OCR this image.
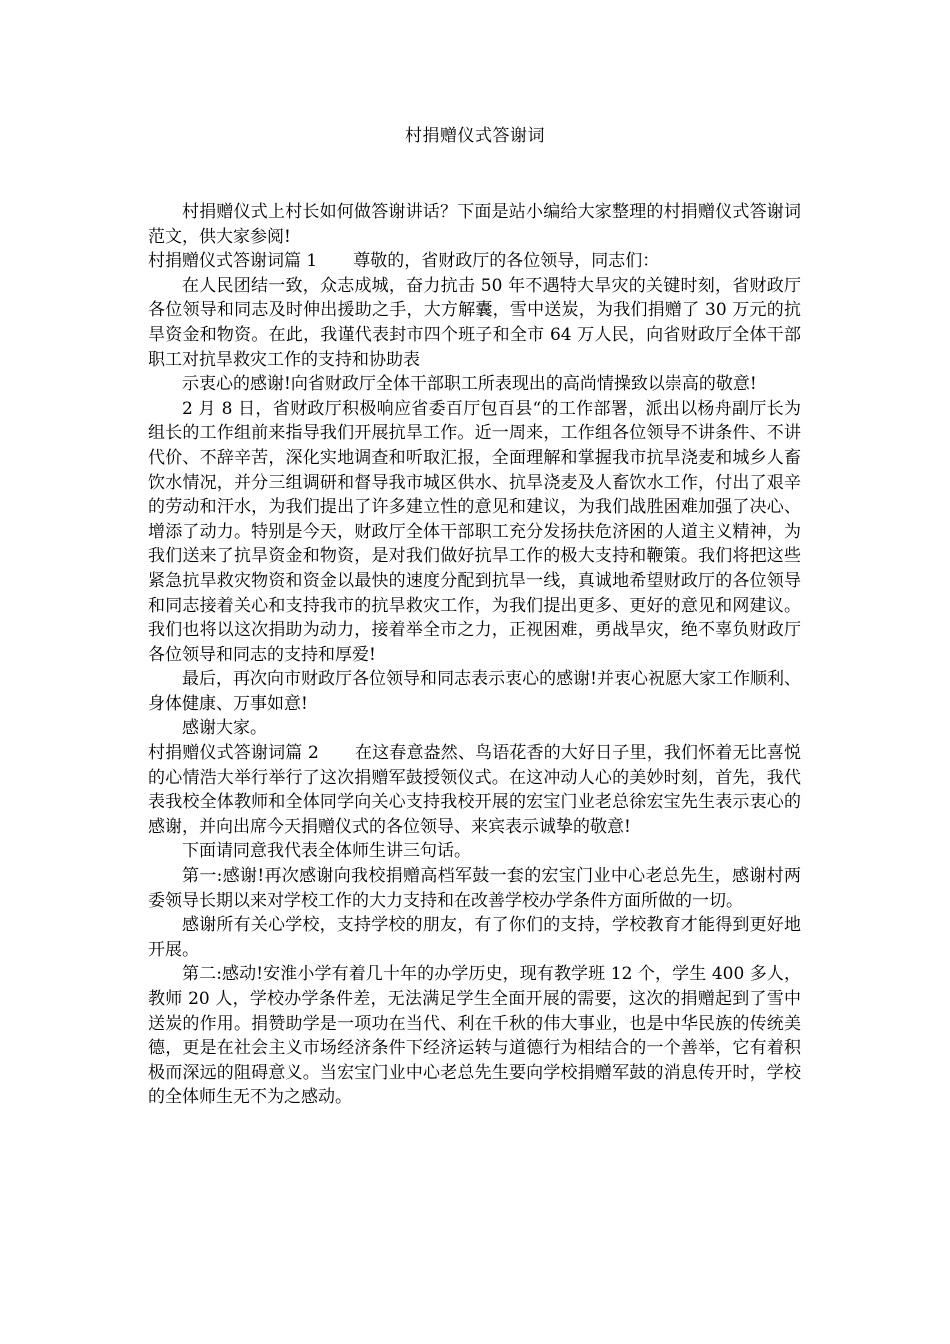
村捐赠仪式答谢词

村捐赠仪式上村长如何做答谢讲话？下面是站小编给大家整理的村捐赠仪式答谢词范文，供大家参阅!

村捐赠仪式答谢词篇 1 尊敬的，省财政厅的各位领导，同志们：

在人民团结一致，众志成城，奋力抗击 50 年不遇特大旱灾的关键时刻，省财政厅各位领导和同志及时伸出援助之手，大方解囊，雪中送炭，为我们捐赠了 30 万元的抗旱资金和物资。在此，我谨代表封市四个班子和全市 64 万人民，向省财政厅全体干部职工对抗旱救灾工作的支持和协助表

示衷心的感谢!向省财政厅全体干部职工所表现出的高尚情操致以崇高的敬意!

2 月 8 日，省财政厅积极响应省委百厅包百县“的工作部署，派出以杨舟副厅长为组长的工作组前来指导我们开展抗旱工作。近一周来，工作组各位领导不讲条件、不讲代价、不辞辛苦，深化实地调查和听取汇报，全面理解和掌握我市抗旱浇麦和城乡人畜饮水情况，并分三组调研和督导我市城区供水、抗旱浇麦及人畜饮水工作，付出了艰辛的劳动和汗水，为我们提出了许多建立性的意见和建议，为我们战胜困难加强了决心、增添了动力。特别是今天，财政厅全体干部职工充分发扬扶危济困的人道主义精神，为我们送来了抗旱资金和物资，是对我们做好抗旱工作的极大支持和鞭策。我们将把这些紧急抗旱救灾物资和资金以最快的速度分配到抗旱一线，真诚地希望财政厅的各位领导和同志接着关心和支持我市的抗旱救灾工作，为我们提出更多、更好的意见和网建议。我们也将以这次捐助为动力，接着举全市之力，正视困难，勇战旱灾，绝不辜负财政厅各位领导和同志的支持和厚爱!

最后，再次向市财政厅各位领导和同志表示衷心的感谢!并衷心祝愿大家工作顺利、身体健康、万事如意!

感谢大家。

村捐赠仪式答谢词篇 2 在这春意盎然、鸟语花香的大好日子里，我们怀着无比喜悦的心情浩大举行举行了这次捐赠军鼓授领仪式。在这冲动人心的美妙时刻，首先，我代表我校全体教师和全体同学向关心支持我校开展的宏宝门业老总徐宏宝先生表示衷心的感谢，并向出席今天捐赠仪式的各位领导、来宾表示诚挚的敬意!

下面请同意我代表全体师生讲三句话。

第一:感谢!再次感谢向我校捐赠高档军鼓一套的宏宝门业中心老总先生，感谢村两委领导长期以来对学校工作的大力支持和在改善学校办学条件方面所做的一切。

感谢所有关心学校，支持学校的朋友，有了你们的支持，学校教育才能得到更好地开展。

第二:感动!安淮小学有着几十年的办学历史，现有教学班 12 个，学生 400 多人，教师 20 人，学校办学条件差，无法满足学生全面开展的需要，这次的捐赠起到了雪中送炭的作用。捐赞助学是一项功在当代、利在千秋的伟大事业，也是中华民族的传统美德，更是在社会主义市场经济条件下经济运转与道德行为相结合的一个善举，它有着积极而深远的阻碍意义。当宏宝门业中心老总先生要向学校捐赠军鼓的消息传开时，学校的全体师生无不为之感动。
